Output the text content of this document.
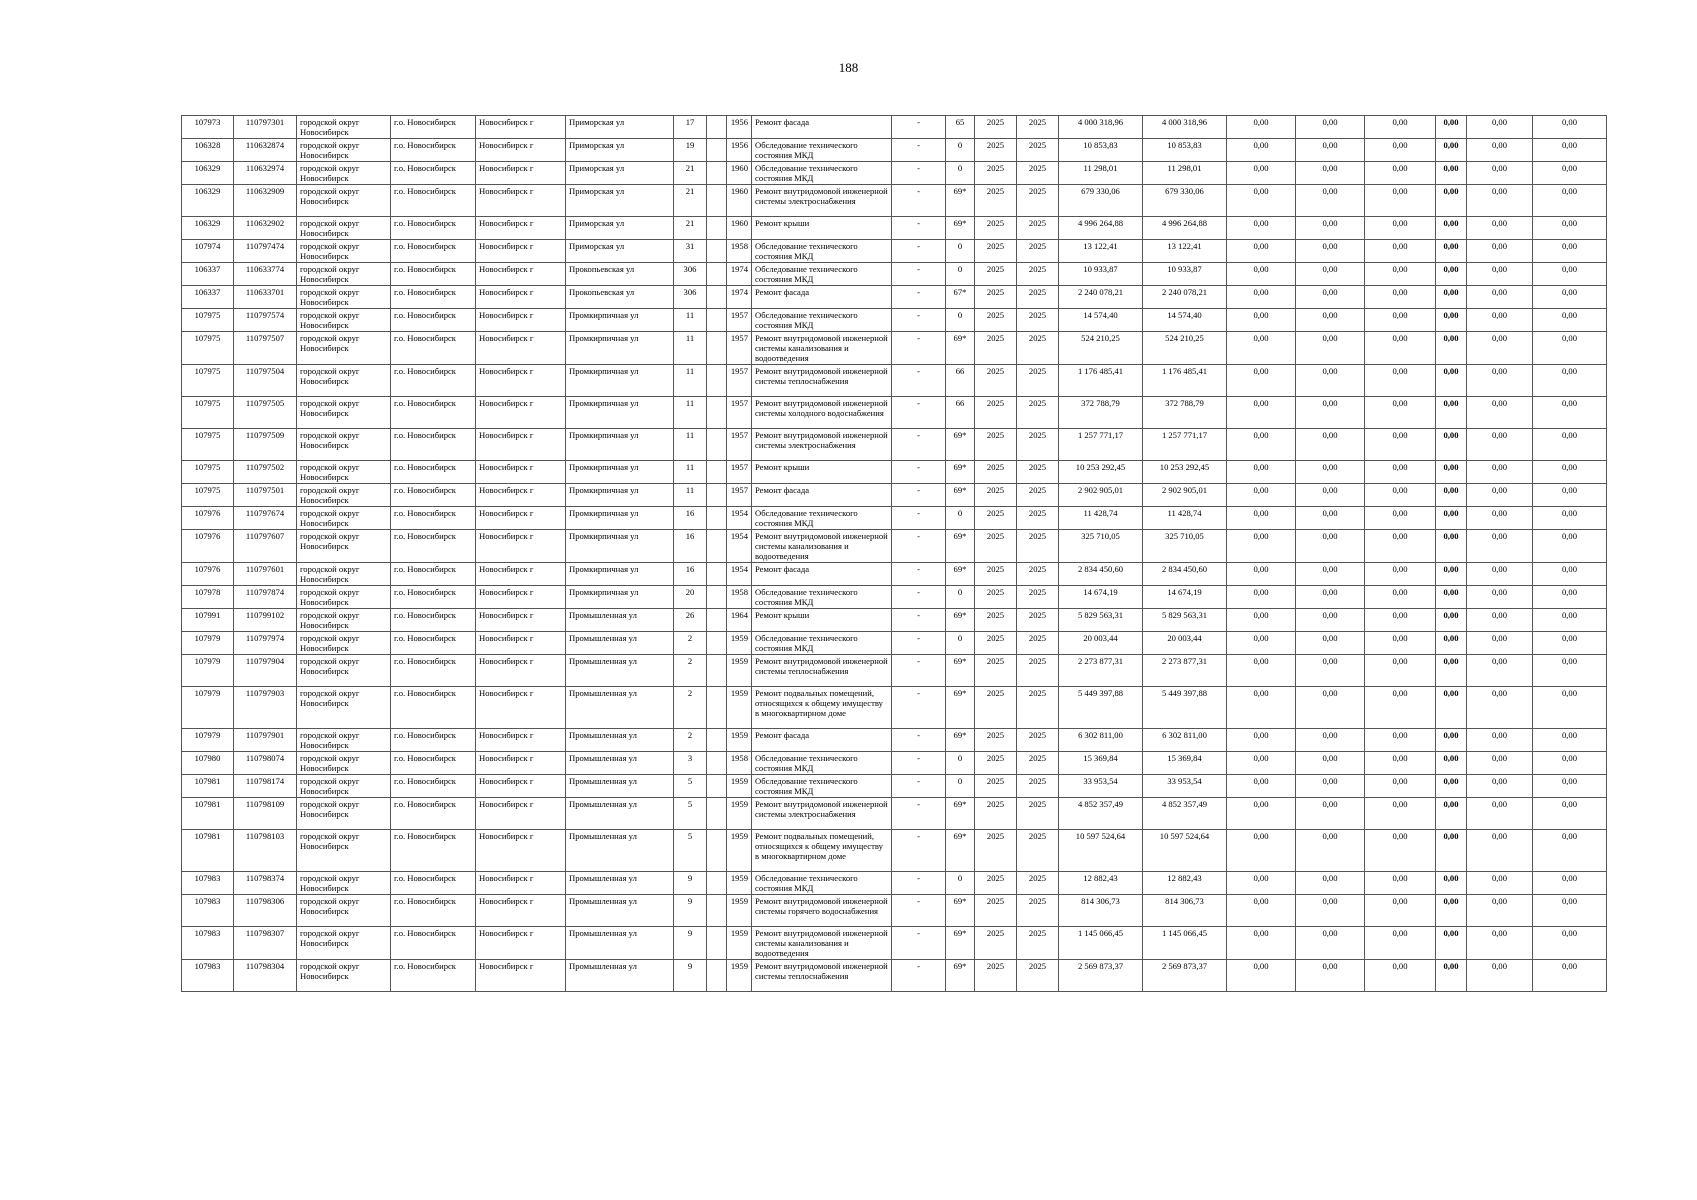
188
107973	110797301	городской округ Новосибирск	г.о. Новосибирск	Новосибирск г	Приморская ул	17		1956	Ремонт фасада	-	65	2025	2025	4 000 318,96	4 000 318,96	0,00	0,00	0,00	0,00	0,00	0,00
106328	110632874	городской округ Новосибирск	г.о. Новосибирск	Новосибирск г	Приморская ул	19		1956	Обследование технического состояния МКД	-	0	2025	2025	10 853,83	10 853,83	0,00	0,00	0,00	0,00	0,00	0,00
106329	110632974	городской округ Новосибирск	г.о. Новосибирск	Новосибирск г	Приморская ул	21		1960	Обследование технического состояния МКД	-	0	2025	2025	11 298,01	11 298,01	0,00	0,00	0,00	0,00	0,00	0,00
106329	110632909	городской округ Новосибирск	г.о. Новосибирск	Новосибирск г	Приморская ул	21		1960	Ремонт внутридомовой инженерной системы электроснабжения	-	69*	2025	2025	679 330,06	679 330,06	0,00	0,00	0,00	0,00	0,00	0,00
106329	110632902	городской округ Новосибирск	г.о. Новосибирск	Новосибирск г	Приморская ул	21		1960	Ремонт крыши	-	69*	2025	2025	4 996 264,88	4 996 264,88	0,00	0,00	0,00	0,00	0,00	0,00
107974	110797474	городской округ Новосибирск	г.о. Новосибирск	Новосибирск г	Приморская ул	31		1958	Обследование технического состояния МКД	-	0	2025	2025	13 122,41	13 122,41	0,00	0,00	0,00	0,00	0,00	0,00
106337	110633774	городской округ Новосибирск	г.о. Новосибирск	Новосибирск г	Прокопьевская ул	306		1974	Обследование технического состояния МКД	-	0	2025	2025	10 933,87	10 933,87	0,00	0,00	0,00	0,00	0,00	0,00
106337	110633701	городской округ Новосибирск	г.о. Новосибирск	Новосибирск г	Прокопьевская ул	306		1974	Ремонт фасада	-	67*	2025	2025	2 240 078,21	2 240 078,21	0,00	0,00	0,00	0,00	0,00	0,00
107975	110797574	городской округ Новосибирск	г.о. Новосибирск	Новосибирск г	Промкирпичная ул	11		1957	Обследование технического состояния МКД	-	0	2025	2025	14 574,40	14 574,40	0,00	0,00	0,00	0,00	0,00	0,00
107975	110797507	городской округ Новосибирск	г.о. Новосибирск	Новосибирск г	Промкирпичная ул	11		1957	Ремонт внутридомовой инженерной системы канализования и водоотведения	-	69*	2025	2025	524 210,25	524 210,25	0,00	0,00	0,00	0,00	0,00	0,00
107975	110797504	городской округ Новосибирск	г.о. Новосибирск	Новосибирск г	Промкирпичная ул	11		1957	Ремонт внутридомовой инженерной системы теплоснабжения	-	66	2025	2025	1 176 485,41	1 176 485,41	0,00	0,00	0,00	0,00	0,00	0,00
107975	110797505	городской округ Новосибирск	г.о. Новосибирск	Новосибирск г	Промкирпичная ул	11		1957	Ремонт внутридомовой инженерной системы холодного водоснабжения	-	66	2025	2025	372 788,79	372 788,79	0,00	0,00	0,00	0,00	0,00	0,00
107975	110797509	городской округ Новосибирск	г.о. Новосибирск	Новосибирск г	Промкирпичная ул	11		1957	Ремонт внутридомовой инженерной системы электроснабжения	-	69*	2025	2025	1 257 771,17	1 257 771,17	0,00	0,00	0,00	0,00	0,00	0,00
107975	110797502	городской округ Новосибирск	г.о. Новосибирск	Новосибирск г	Промкирпичная ул	11		1957	Ремонт крыши	-	69*	2025	2025	10 253 292,45	10 253 292,45	0,00	0,00	0,00	0,00	0,00	0,00
107975	110797501	городской округ Новосибирск	г.о. Новосибирск	Новосибирск г	Промкирпичная ул	11		1957	Ремонт фасада	-	69*	2025	2025	2 902 905,01	2 902 905,01	0,00	0,00	0,00	0,00	0,00	0,00
107976	110797674	городской округ Новосибирск	г.о. Новосибирск	Новосибирск г	Промкирпичная ул	16		1954	Обследование технического состояния МКД	-	0	2025	2025	11 428,74	11 428,74	0,00	0,00	0,00	0,00	0,00	0,00
107976	110797607	городской округ Новосибирск	г.о. Новосибирск	Новосибирск г	Промкирпичная ул	16		1954	Ремонт внутридомовой инженерной системы канализования и водоотведения	-	69*	2025	2025	325 710,05	325 710,05	0,00	0,00	0,00	0,00	0,00	0,00
107976	110797601	городской округ Новосибирск	г.о. Новосибирск	Новосибирск г	Промкирпичная ул	16		1954	Ремонт фасада	-	69*	2025	2025	2 834 450,60	2 834 450,60	0,00	0,00	0,00	0,00	0,00	0,00
107978	110797874	городской округ Новосибирск	г.о. Новосибирск	Новосибирск г	Промкирпичная ул	20		1958	Обследование технического состояния МКД	-	0	2025	2025	14 674,19	14 674,19	0,00	0,00	0,00	0,00	0,00	0,00
107991	110799102	городской округ Новосибирск	г.о. Новосибирск	Новосибирск г	Промышленная ул	26		1964	Ремонт крыши	-	69*	2025	2025	5 829 563,31	5 829 563,31	0,00	0,00	0,00	0,00	0,00	0,00
107979	110797974	городской округ Новосибирск	г.о. Новосибирск	Новосибирск г	Промышленная ул	2		1959	Обследование технического состояния МКД	-	0	2025	2025	20 003,44	20 003,44	0,00	0,00	0,00	0,00	0,00	0,00
107979	110797904	городской округ Новосибирск	г.о. Новосибирск	Новосибирск г	Промышленная ул	2		1959	Ремонт внутридомовой инженерной системы теплоснабжения	-	69*	2025	2025	2 273 877,31	2 273 877,31	0,00	0,00	0,00	0,00	0,00	0,00
107979	110797903	городской округ Новосибирск	г.о. Новосибирск	Новосибирск г	Промышленная ул	2		1959	Ремонт подвальных помещений, относящихся к общему имуществу в многоквартирном доме	-	69*	2025	2025	5 449 397,88	5 449 397,88	0,00	0,00	0,00	0,00	0,00	0,00
107979	110797901	городской округ Новосибирск	г.о. Новосибирск	Новосибирск г	Промышленная ул	2		1959	Ремонт фасада	-	69*	2025	2025	6 302 811,00	6 302 811,00	0,00	0,00	0,00	0,00	0,00	0,00
107980	110798074	городской округ Новосибирск	г.о. Новосибирск	Новосибирск г	Промышленная ул	3		1958	Обследование технического состояния МКД	-	0	2025	2025	15 369,84	15 369,84	0,00	0,00	0,00	0,00	0,00	0,00
107981	110798174	городской округ Новосибирск	г.о. Новосибирск	Новосибирск г	Промышленная ул	5		1959	Обследование технического состояния МКД	-	0	2025	2025	33 953,54	33 953,54	0,00	0,00	0,00	0,00	0,00	0,00
107981	110798109	городской округ Новосибирск	г.о. Новосибирск	Новосибирск г	Промышленная ул	5		1959	Ремонт внутридомовой инженерной системы электроснабжения	-	69*	2025	2025	4 852 357,49	4 852 357,49	0,00	0,00	0,00	0,00	0,00	0,00
107981	110798103	городской округ Новосибирск	г.о. Новосибирск	Новосибирск г	Промышленная ул	5		1959	Ремонт подвальных помещений, относящихся к общему имуществу в многоквартирном доме	-	69*	2025	2025	10 597 524,64	10 597 524,64	0,00	0,00	0,00	0,00	0,00	0,00
107983	110798374	городской округ Новосибирск	г.о. Новосибирск	Новосибирск г	Промышленная ул	9		1959	Обследование технического состояния МКД	-	0	2025	2025	12 882,43	12 882,43	0,00	0,00	0,00	0,00	0,00	0,00
107983	110798306	городской округ Новосибирск	г.о. Новосибирск	Новосибирск г	Промышленная ул	9		1959	Ремонт внутридомовой инженерной системы горячего водоснабжения	-	69*	2025	2025	814 306,73	814 306,73	0,00	0,00	0,00	0,00	0,00	0,00
107983	110798307	городской округ Новосибирск	г.о. Новосибирск	Новосибирск г	Промышленная ул	9		1959	Ремонт внутридомовой инженерной системы канализования и водоотведения	-	69*	2025	2025	1 145 066,45	1 145 066,45	0,00	0,00	0,00	0,00	0,00	0,00
107983	110798304	городской округ Новосибирск	г.о. Новосибирск	Новосибирск г	Промышленная ул	9		1959	Ремонт внутридомовой инженерной системы теплоснабжения	-	69*	2025	2025	2 569 873,37	2 569 873,37	0,00	0,00	0,00	0,00	0,00	0,00
